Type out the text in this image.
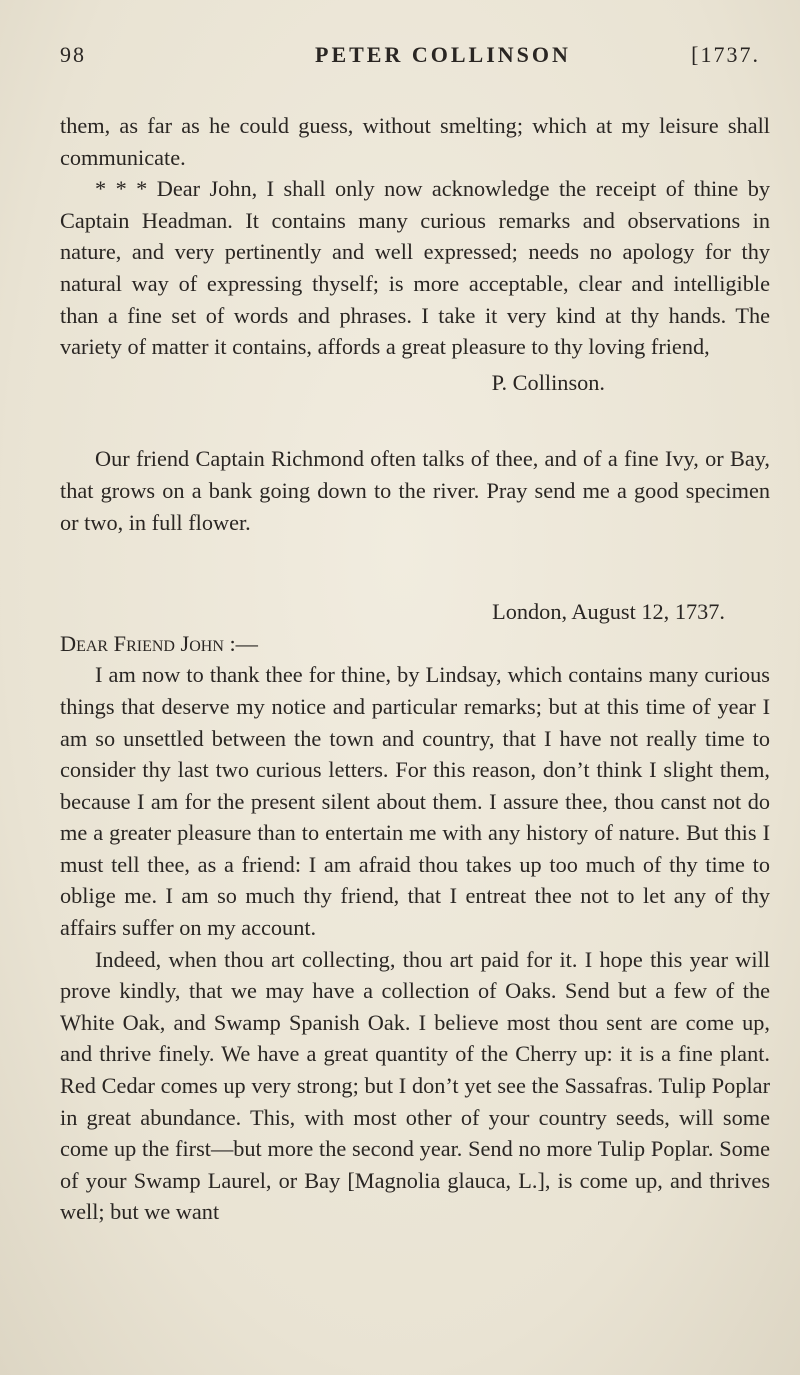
98	PETER COLLINSON	[1737.

them, as far as he could guess, without smelting; which at my leisure shall communicate.

* * * Dear John, I shall only now acknowledge the receipt of thine by Captain Headman. It contains many curious remarks and observations in nature, and very pertinently and well expressed; needs no apology for thy natural way of expressing thyself; is more acceptable, clear and intelligible than a fine set of words and phrases. I take it very kind at thy hands. The variety of matter it contains, affords a great pleasure to thy loving friend,

P. Collinson.

Our friend Captain Richmond often talks of thee, and of a fine Ivy, or Bay, that grows on a bank going down to the river. Pray send me a good specimen or two, in full flower.

London, August 12, 1737.

Dear Friend John :—

I am now to thank thee for thine, by Lindsay, which contains many curious things that deserve my notice and particular remarks; but at this time of year I am so unsettled between the town and country, that I have not really time to consider thy last two curious letters. For this reason, don’t think I slight them, because I am for the present silent about them. I assure thee, thou canst not do me a greater pleasure than to entertain me with any history of nature. But this I must tell thee, as a friend: I am afraid thou takes up too much of thy time to oblige me. I am so much thy friend, that I entreat thee not to let any of thy affairs suffer on my account.

Indeed, when thou art collecting, thou art paid for it. I hope this year will prove kindly, that we may have a collection of Oaks. Send but a few of the White Oak, and Swamp Spanish Oak. I believe most thou sent are come up, and thrive finely. We have a great quantity of the Cherry up: it is a fine plant. Red Cedar comes up very strong; but I don’t yet see the Sassafras. Tulip Poplar in great abundance. This, with most other of your country seeds, will some come up the first—but more the second year. Send no more Tulip Poplar. Some of your Swamp Laurel, or Bay [Magnolia glauca, L.], is come up, and thrives well; but we want
